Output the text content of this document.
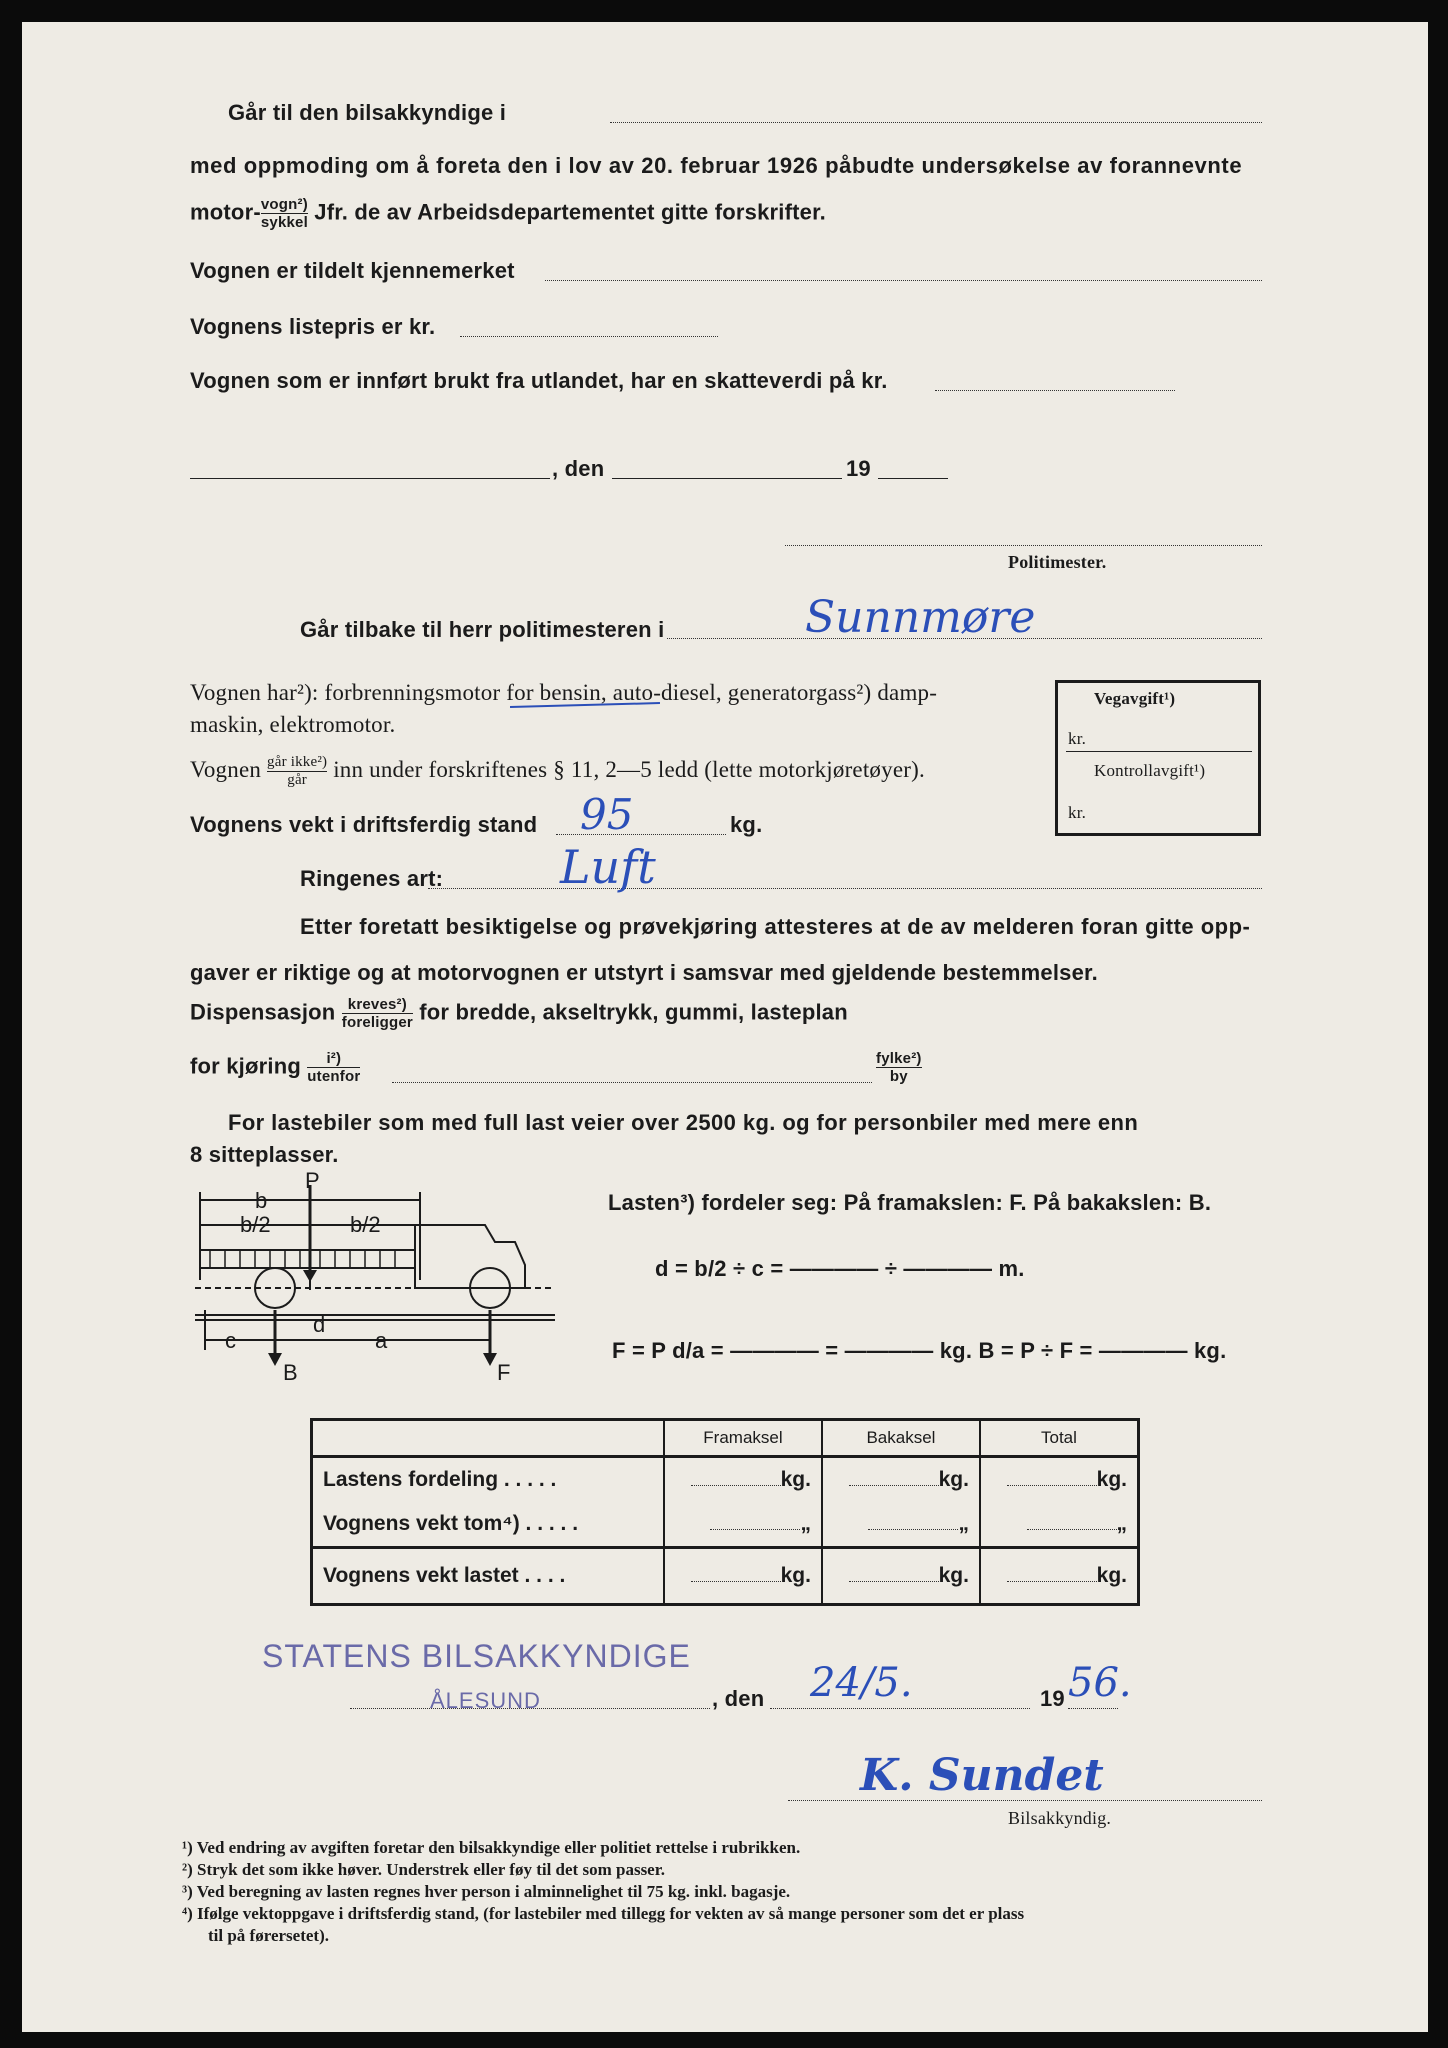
Går til den bilsakkyndige i
med oppmoding om å foreta den i lov av 20. februar 1926 påbudte undersøkelse av forannevnte
motor- $\frac{\text{vogn²)}}{\text{sykkel}}$ Jfr. de av Arbeidsdepartementet gitte forskrifter.
Vognen er tildelt kjennemerket
Vognens listepris er kr.
Vognen som er innført brukt fra utlandet, har en skatteverdi på kr.
, den	19
Politimester.
Går tilbake til herr politimesteren i	Sunnmøre
Vognen har²): forbrenningsmotor for bensin, auto-diesel, generatorgass²) damp-
maskin, elektromotor.
Vegavgift¹)
kr.
Kontrollavgift¹)
kr.
Vognen $\frac{\text{går ikke²)}}{\text{går}}$ inn under forskriftenes § 11, 2—5 ledd (lette motorkjøretøyer).
Vognens vekt i driftsferdig stand 95	kg.
Ringenes art:	Luft
Etter foretatt besiktigelse og prøvekjøring attesteres at de av melderen foran gitte opp-
gaver er riktige og at motorvognen er utstyrt i samsvar med gjeldende bestemmelser.
Dispensasjon $\frac{\text{kreves²)}}{\text{foreligger}}$ for bredde, akseltrykk, gummi, lasteplan
for kjøring $\frac{\text{i²)}}{\text{utenfor}}$	$\frac{\text{fylke²)}}{by}$
For lastebiler som med full last veier over 2500 kg. og for personbiler med mere enn
8 sitteplasser.
P
b
b/2	b/2
d
c	a
B	F
Lasten³) fordeler seg: På framakslen: F. På bakakslen: B.
d = b/2 ÷ c = ———— ÷ ———— m.
F = P d/a = ———— = ———— kg. B = P ÷ F = ———— kg.
	Framaksel	Bakaksel	Total
Lastens fordeling . . . . .	kg.	kg.	kg.
Vognens vekt tom⁴) . . . . .	„	„	„
Vognens vekt lastet . . . .	kg.	kg.	kg.
STATENS BILSAKKYNDIGE
ÅLESUND	, den 24/5.	19 56.
K. Sundet
Bilsakkyndig.
¹) Ved endring av avgiften foretar den bilsakkyndige eller politiet rettelse i rubrikken.
²) Stryk det som ikke høver. Understrek eller føy til det som passer.
³) Ved beregning av lasten regnes hver person i alminnelighet til 75 kg. inkl. bagasje.
⁴) Ifølge vektoppgave i driftsferdig stand, (for lastebiler med tillegg for vekten av så mange personer som det er plass
til på førersetet).
